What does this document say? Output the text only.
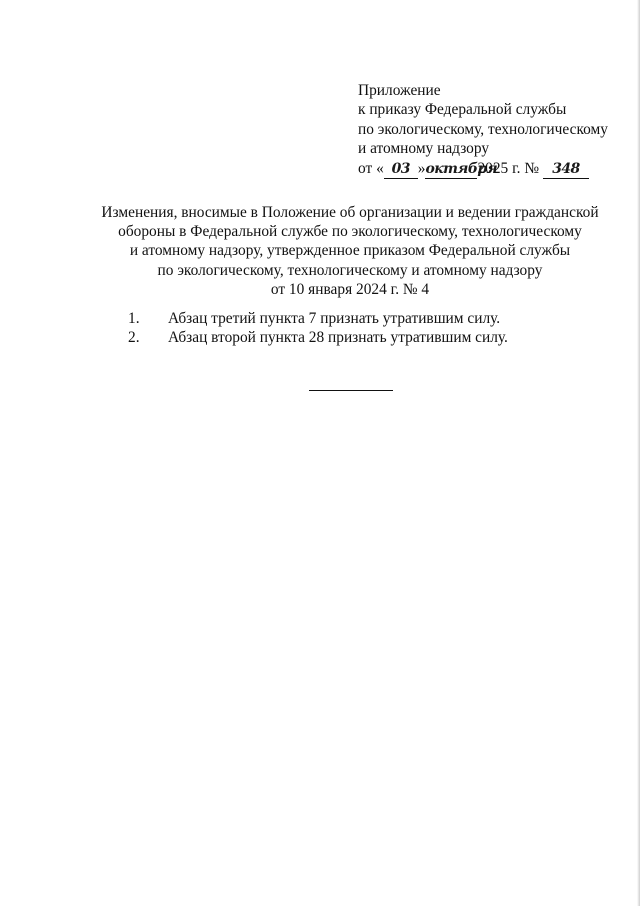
Приложение
к приказу Федеральной службы
по экологическому, технологическому
и атомному надзору
от « 03 »октября2025 г. № 348
Изменения, вносимые в Положение об организации и ведении гражданской
обороны в Федеральной службе по экологическому, технологическому
и атомному надзору, утвержденное приказом Федеральной службы
по экологическому, технологическому и атомному надзору
от 10 января 2024 г. № 4
1. Абзац третий пункта 7 признать утратившим силу.
2. Абзац второй пункта 28 признать утратившим силу.
